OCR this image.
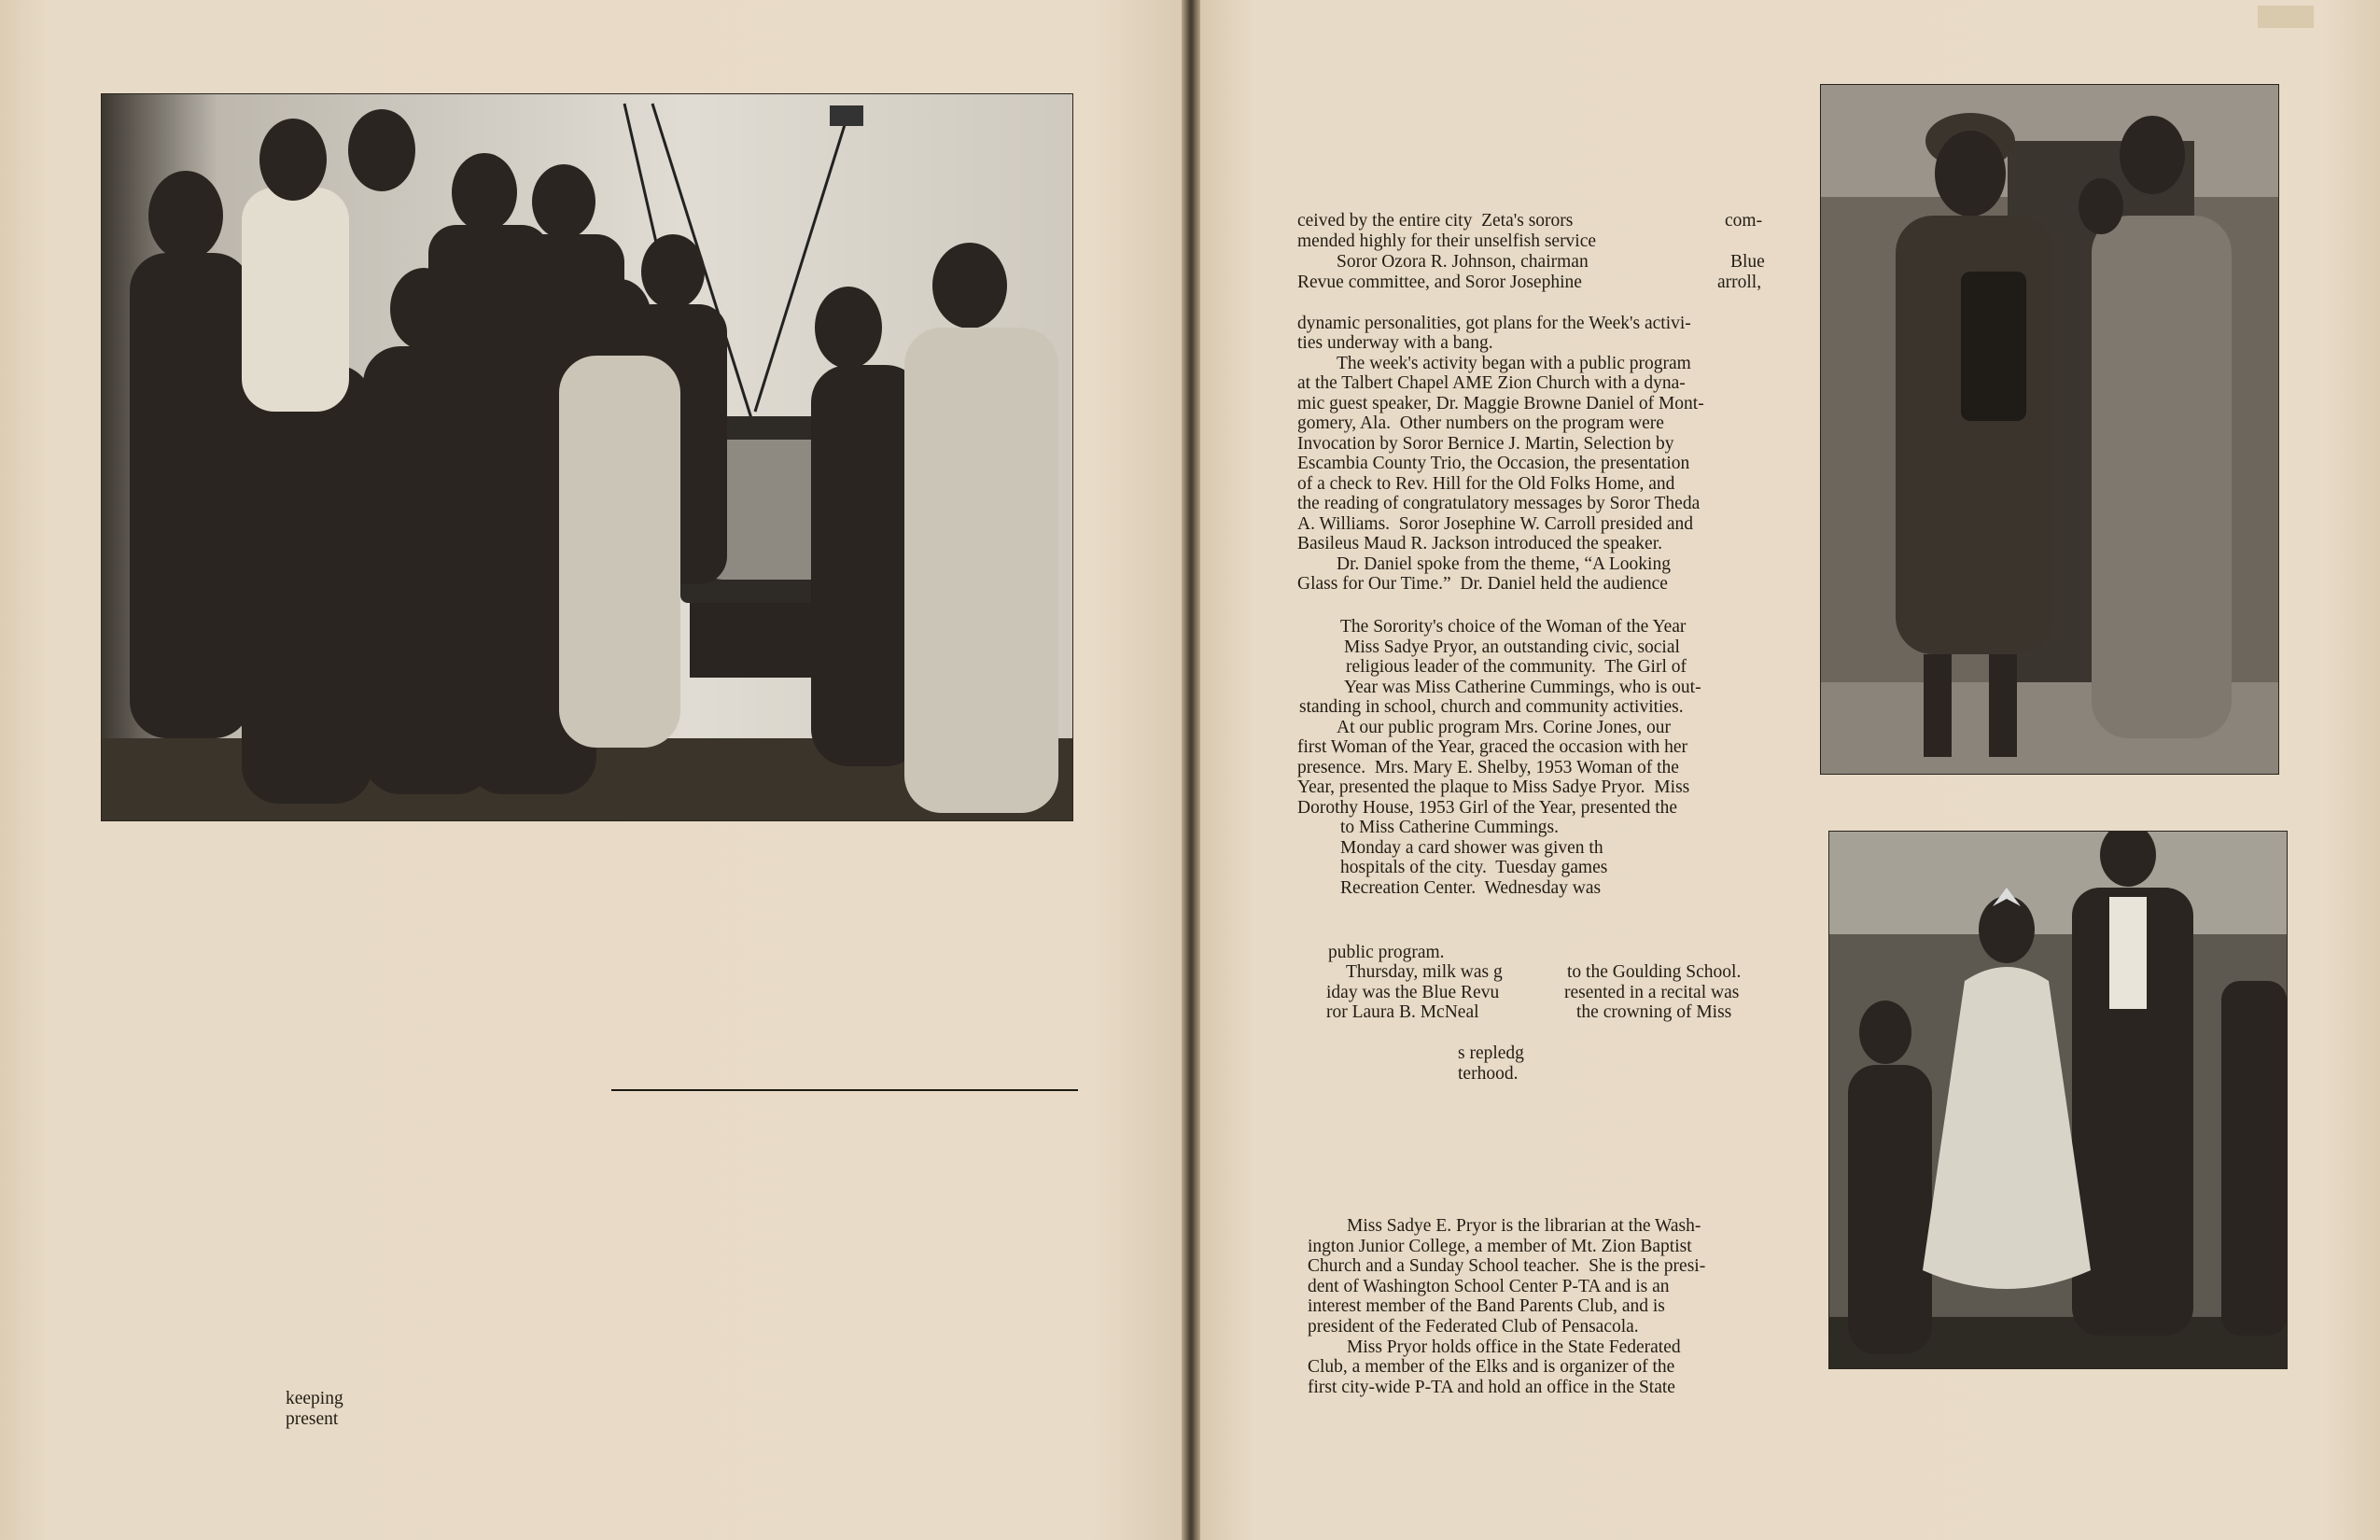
keeping
present
ceived by the entire city  Zeta's sorors
mended highly for their unselfish service
Soror Ozora R. Johnson, chairman
Revue committee, and Soror Josephine
com-
Blue
arroll,
dynamic personalities, got plans for the Week's activi-
ties underway with a bang.
The week's activity began with a public program
at the Talbert Chapel AME Zion Church with a dyna-
mic guest speaker, Dr. Maggie Browne Daniel of Mont-
gomery, Ala.  Other numbers on the program were
Invocation by Soror Bernice J. Martin, Selection by
Escambia County Trio, the Occasion, the presentation
of a check to Rev. Hill for the Old Folks Home, and
the reading of congratulatory messages by Soror Theda
A. Williams.  Soror Josephine W. Carroll presided and
Basileus Maud R. Jackson introduced the speaker.
Dr. Daniel spoke from the theme, “A Looking
Glass for Our Time.”  Dr. Daniel held the audience
The Sorority's choice of the Woman of the Year
Miss Sadye Pryor, an outstanding civic, social
religious leader of the community.  The Girl of
Year was Miss Catherine Cummings, who is out-
standing in school, church and community activities.
At our public program Mrs. Corine Jones, our
first Woman of the Year, graced the occasion with her
presence.  Mrs. Mary E. Shelby, 1953 Woman of the
Year, presented the plaque to Miss Sadye Pryor.  Miss
Dorothy House, 1953 Girl of the Year, presented the
to Miss Catherine Cummings.
Monday a card shower was given th
hospitals of the city.  Tuesday games
Recreation Center.  Wednesday was
public program.
Thursday, milk was g
iday was the Blue Revu
ror Laura B. McNeal
to the Goulding School.
resented in a recital was
the crowning of Miss
s repledg
terhood.
Miss Sadye E. Pryor is the librarian at the Wash-
ington Junior College, a member of Mt. Zion Baptist
Church and a Sunday School teacher.  She is the presi-
dent of Washington School Center P-TA and is an
interest member of the Band Parents Club, and is
president of the Federated Club of Pensacola.
Miss Pryor holds office in the State Federated
Club, a member of the Elks and is organizer of the
first city-wide P-TA and hold an office in the State
